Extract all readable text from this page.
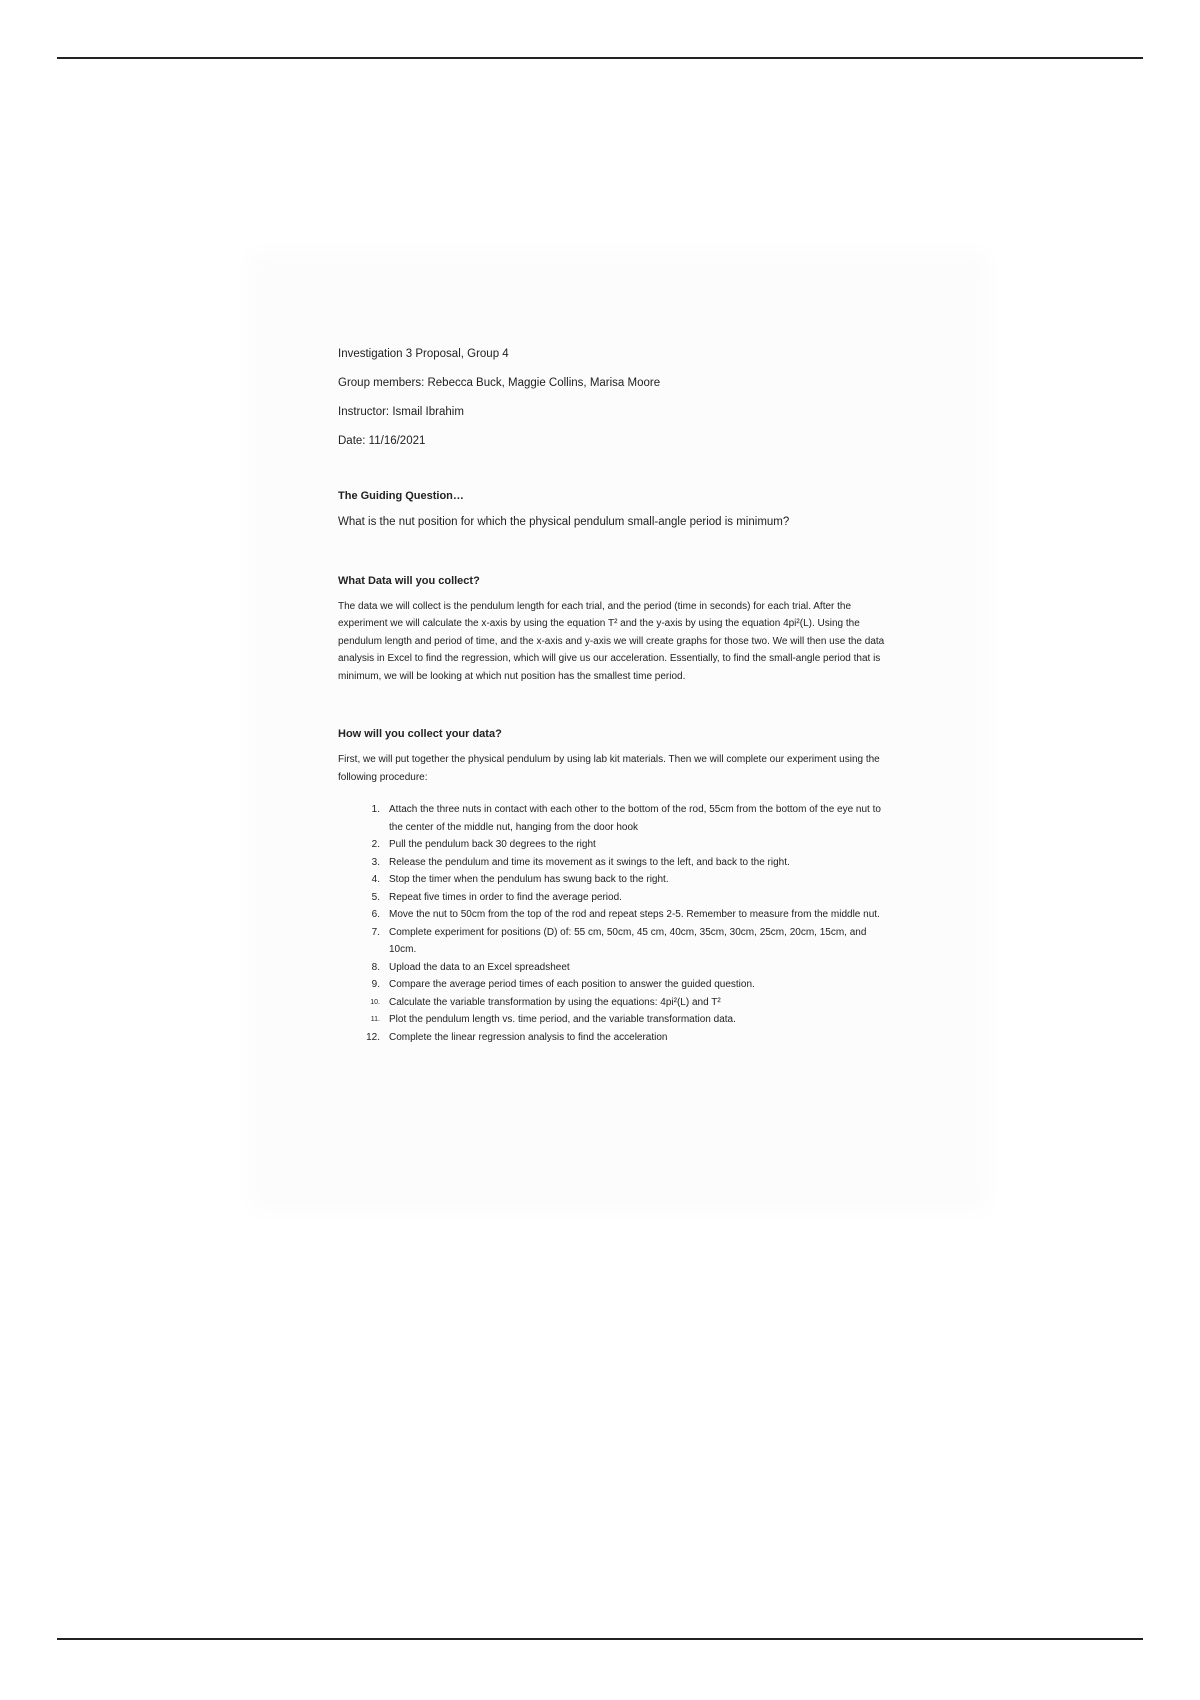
Investigation 3 Proposal, Group 4

Group members: Rebecca Buck, Maggie Collins, Marisa Moore

Instructor: Ismail Ibrahim

Date: 11/16/2021

The Guiding Question…

What is the nut position for which the physical pendulum small-angle period is minimum?

What Data will you collect?

The data we will collect is the pendulum length for each trial, and the period (time in seconds) for each trial. After the experiment we will calculate the x-axis by using the equation T² and the y-axis by using the equation 4pi²(L). Using the pendulum length and period of time, and the x-axis and y-axis we will create graphs for those two. We will then use the data analysis in Excel to find the regression, which will give us our acceleration. Essentially, to find the small-angle period that is minimum, we will be looking at which nut position has the smallest time period.

How will you collect your data?

First, we will put together the physical pendulum by using lab kit materials. Then we will complete our experiment using the following procedure:

1. Attach the three nuts in contact with each other to the bottom of the rod, 55cm from the bottom of the eye nut to the center of the middle nut, hanging from the door hook
2. Pull the pendulum back 30 degrees to the right
3. Release the pendulum and time its movement as it swings to the left, and back to the right.
4. Stop the timer when the pendulum has swung back to the right.
5. Repeat five times in order to find the average period.
6. Move the nut to 50cm from the top of the rod and repeat steps 2-5. Remember to measure from the middle nut.
7. Complete experiment for positions (D) of: 55 cm, 50cm, 45 cm, 40cm, 35cm, 30cm, 25cm, 20cm, 15cm, and 10cm.
8. Upload the data to an Excel spreadsheet
9. Compare the average period times of each position to answer the guided question.
10. Calculate the variable transformation by using the equations: 4pi²(L) and T²
11. Plot the pendulum length vs. time period, and the variable transformation data.
12. Complete the linear regression analysis to find the acceleration
